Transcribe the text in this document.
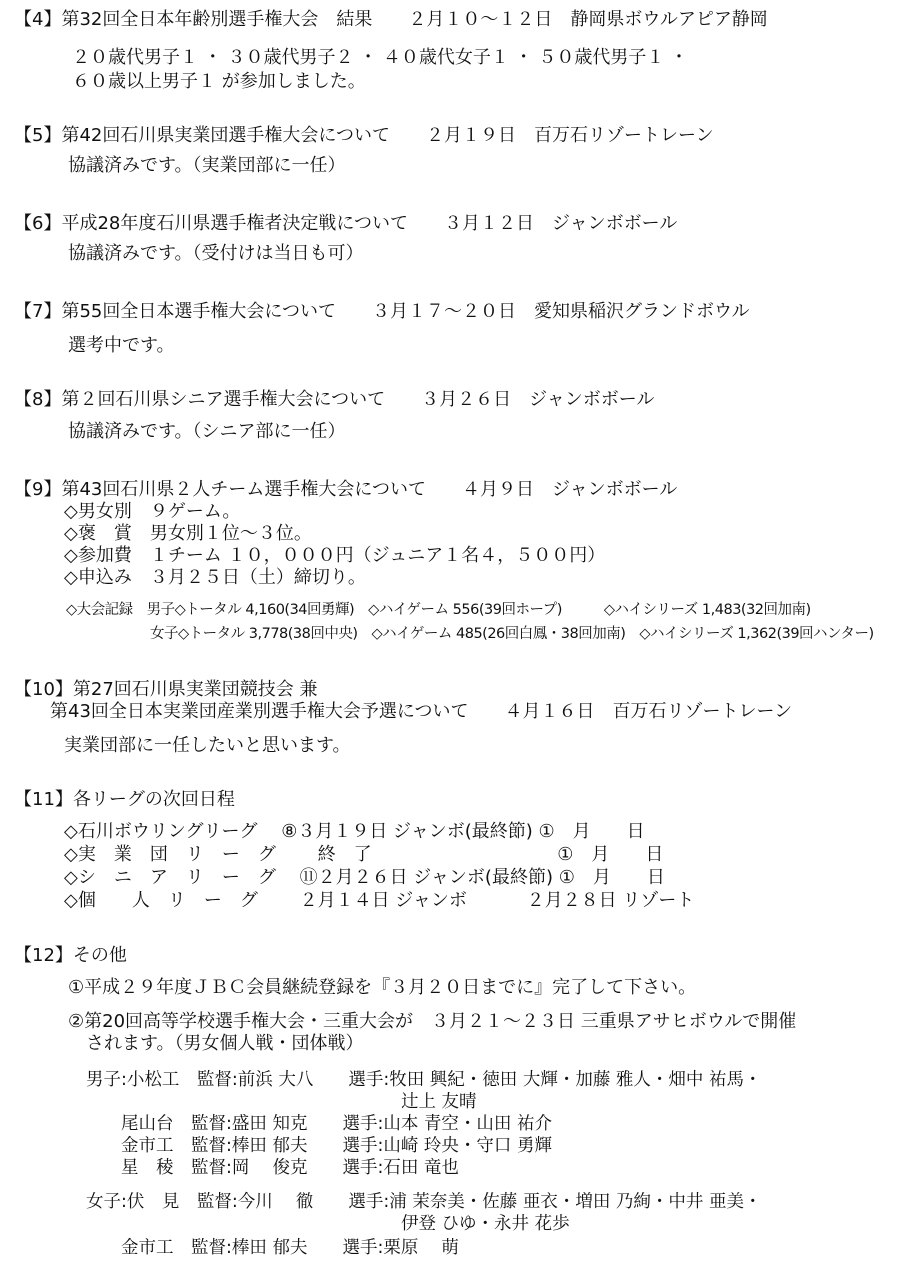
【4】第32回全日本年齢別選手権大会　結果　　２月１０～１２日　静岡県ボウルアピア静岡
２０歳代男子１ ・ ３０歳代男子２ ・ ４０歳代女子１ ・ ５０歳代男子１ ・
６０歳以上男子１ が参加しました。
【5】第42回石川県実業団選手権大会について　　２月１９日　百万石リゾートレーン
協議済みです。（実業団部に一任）
【6】平成28年度石川県選手権者決定戦について　　３月１２日　ジャンボボール
協議済みです。（受付けは当日も可）
【7】第55回全日本選手権大会について　　３月１７～２０日　愛知県稲沢グランドボウル
選考中です。
【8】第２回石川県シニア選手権大会について　　３月２６日　ジャンボボール
協議済みです。（シニア部に一任）
【9】第43回石川県２人チーム選手権大会について　　４月９日　ジャンボボール
◇男女別　９ゲーム。
◇褒　賞　男女別１位～３位。
◇参加費　１チーム １０，０００円（ジュニア１名４，５００円）
◇申込み　３月２５日（土）締切り。
◇大会記録　男子◇トータル 4,160(34回勇輝)　◇ハイゲーム 556(39回ホープ)　　　◇ハイシリーズ 1,483(32回加南)
　　　　　　女子◇トータル 3,778(38回中央)　◇ハイゲーム 485(26回白鳳・38回加南)　◇ハイシリーズ 1,362(39回ハンター)
【10】第27回石川県実業団競技会 兼
　　第43回全日本実業団産業別選手権大会予選について　　４月１６日　百万石リゾートレーン
実業団部に一任したいと思います。
【11】各リーグの次回日程
◇石川ボウリングリーグ　 ⑧３月１９日 ジャンボ(最終節) ①　月　　日
◇実　業　団　リ　ー　グ　　 終　了　　　　　　　　　　 ①　月　　日
◇シ　ニ　ア　リ　ー　グ　 ⑪２月２６日 ジャンボ(最終節) ①　月　　日
◇個　　人　リ　ー　グ　　 ２月１４日 ジャンボ　　　 ２月２８日 リゾート
【12】その他
①平成２９年度ＪＢＣ会員継続登録を『３月２０日までに』完了して下さい。
②第20回高等学校選手権大会・三重大会が　３月２１～２３日 三重県アサヒボウルで開催
　されます。（男女個人戦・団体戦）
男子:小松工　監督:前浜 大八　　選手:牧田 興紀・徳田 大輝・加藤 雅人・畑中 祐馬・
　　　　　　　　　　　　　　　　　　辻上 友晴
　　尾山台　監督:盛田 知克　　選手:山本 青空・山田 祐介
　　金市工　監督:棒田 郁夫　　選手:山崎 玲央・守口 勇輝
　　星　稜　監督:岡　 俊克　　選手:石田 竜也
女子:伏　見　監督:今川　 徹　　選手:浦 茉奈美・佐藤 亜衣・増田 乃絢・中井 亜美・
　　　　　　　　　　　　　　　　　　伊登 ひゆ・永井 花歩
　　金市工　監督:棒田 郁夫　　選手:栗原　 萌
